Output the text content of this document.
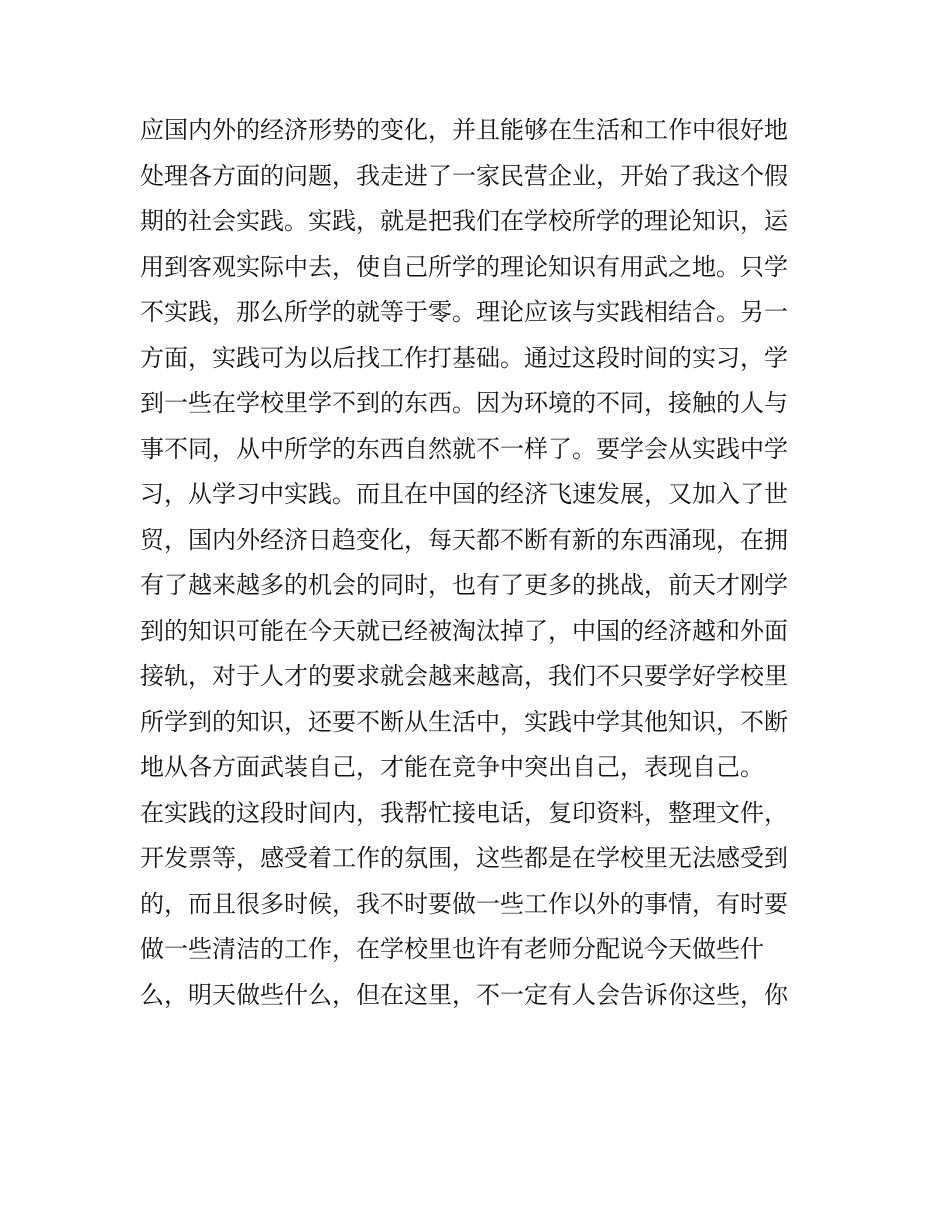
应国内外的经济形势的变化，并且能够在生活和工作中很好地
处理各方面的问题，我走进了一家民营企业，开始了我这个假
期的社会实践。实践，就是把我们在学校所学的理论知识，运
用到客观实际中去，使自己所学的理论知识有用武之地。只学
不实践，那么所学的就等于零。理论应该与实践相结合。另一
方面，实践可为以后找工作打基础。通过这段时间的实习，学
到一些在学校里学不到的东西。因为环境的不同，接触的人与
事不同，从中所学的东西自然就不一样了。要学会从实践中学
习，从学习中实践。而且在中国的经济飞速发展，又加入了世
贸，国内外经济日趋变化，每天都不断有新的东西涌现，在拥
有了越来越多的机会的同时，也有了更多的挑战，前天才刚学
到的知识可能在今天就已经被淘汰掉了，中国的经济越和外面
接轨，对于人才的要求就会越来越高，我们不只要学好学校里
所学到的知识，还要不断从生活中，实践中学其他知识，不断
地从各方面武装自己，才能在竞争中突出自己，表现自己。
在实践的这段时间内，我帮忙接电话，复印资料，整理文件，
开发票等，感受着工作的氛围，这些都是在学校里无法感受到
的，而且很多时候，我不时要做一些工作以外的事情，有时要
做一些清洁的工作，在学校里也许有老师分配说今天做些什
么，明天做些什么，但在这里，不一定有人会告诉你这些，你
